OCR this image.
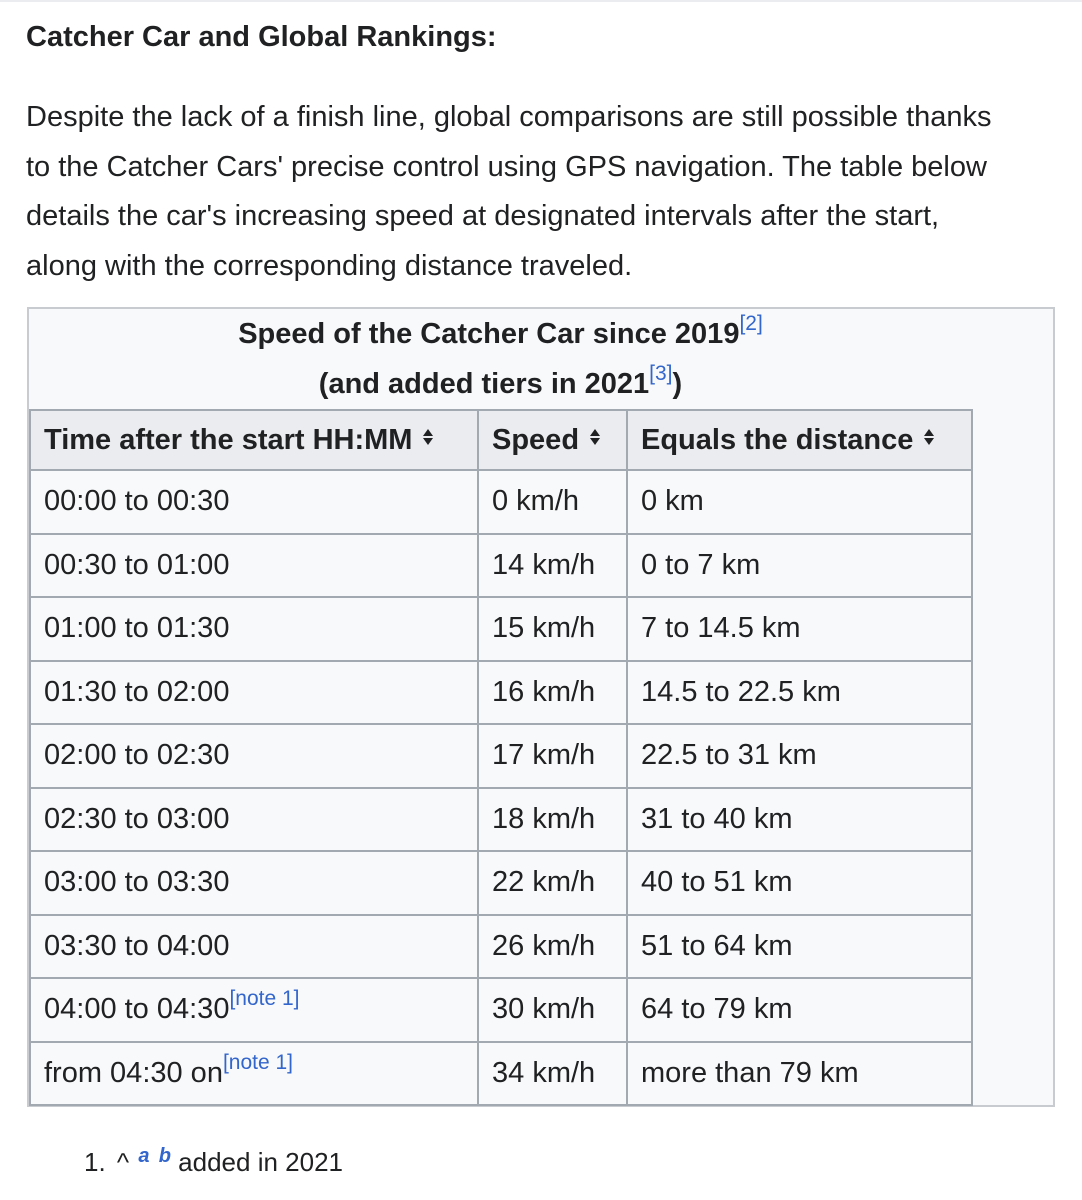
Catcher Car and Global Rankings:
Despite the lack of a finish line, global comparisons are still possible thanks
to the Catcher Cars' precise control using GPS navigation. The table below
details the car's increasing speed at designated intervals after the start,
along with the corresponding distance traveled.
Speed of the Catcher Car since 2019[2]
(and added tiers in 2021[3])
Time after the start HH:MM	Speed	Equals the distance
00:00 to 00:30	0 km/h	0 km
00:30 to 01:00	14 km/h	0 to 7 km
01:00 to 01:30	15 km/h	7 to 14.5 km
01:30 to 02:00	16 km/h	14.5 to 22.5 km
02:00 to 02:30	17 km/h	22.5 to 31 km
02:30 to 03:00	18 km/h	31 to 40 km
03:00 to 03:30	22 km/h	40 to 51 km
03:30 to 04:00	26 km/h	51 to 64 km
04:00 to 04:30[note 1]	30 km/h	64 to 79 km
from 04:30 on[note 1]	34 km/h	more than 79 km
1. ^ $^a$ $^b$ added in 2021
